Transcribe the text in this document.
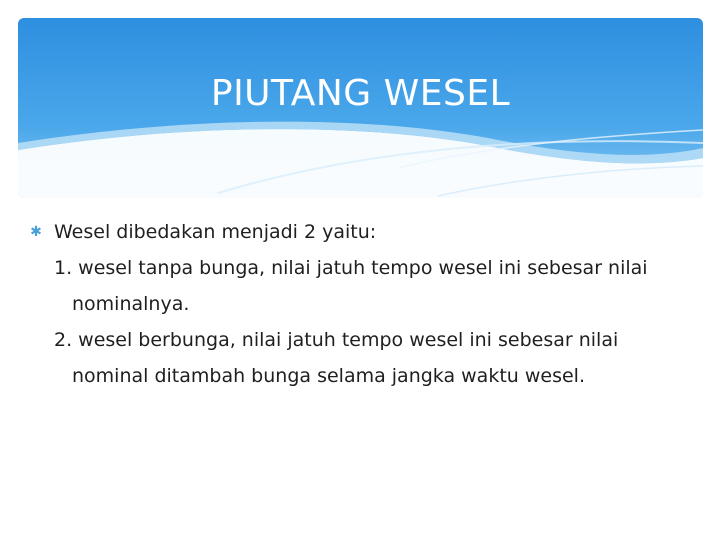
PIUTANG WESEL
✱ Wesel dibedakan menjadi 2 yaitu:
1. wesel tanpa bunga, nilai jatuh tempo wesel ini sebesar nilai
nominalnya.
2. wesel berbunga, nilai jatuh tempo wesel ini sebesar nilai
nominal ditambah bunga selama jangka waktu wesel.
